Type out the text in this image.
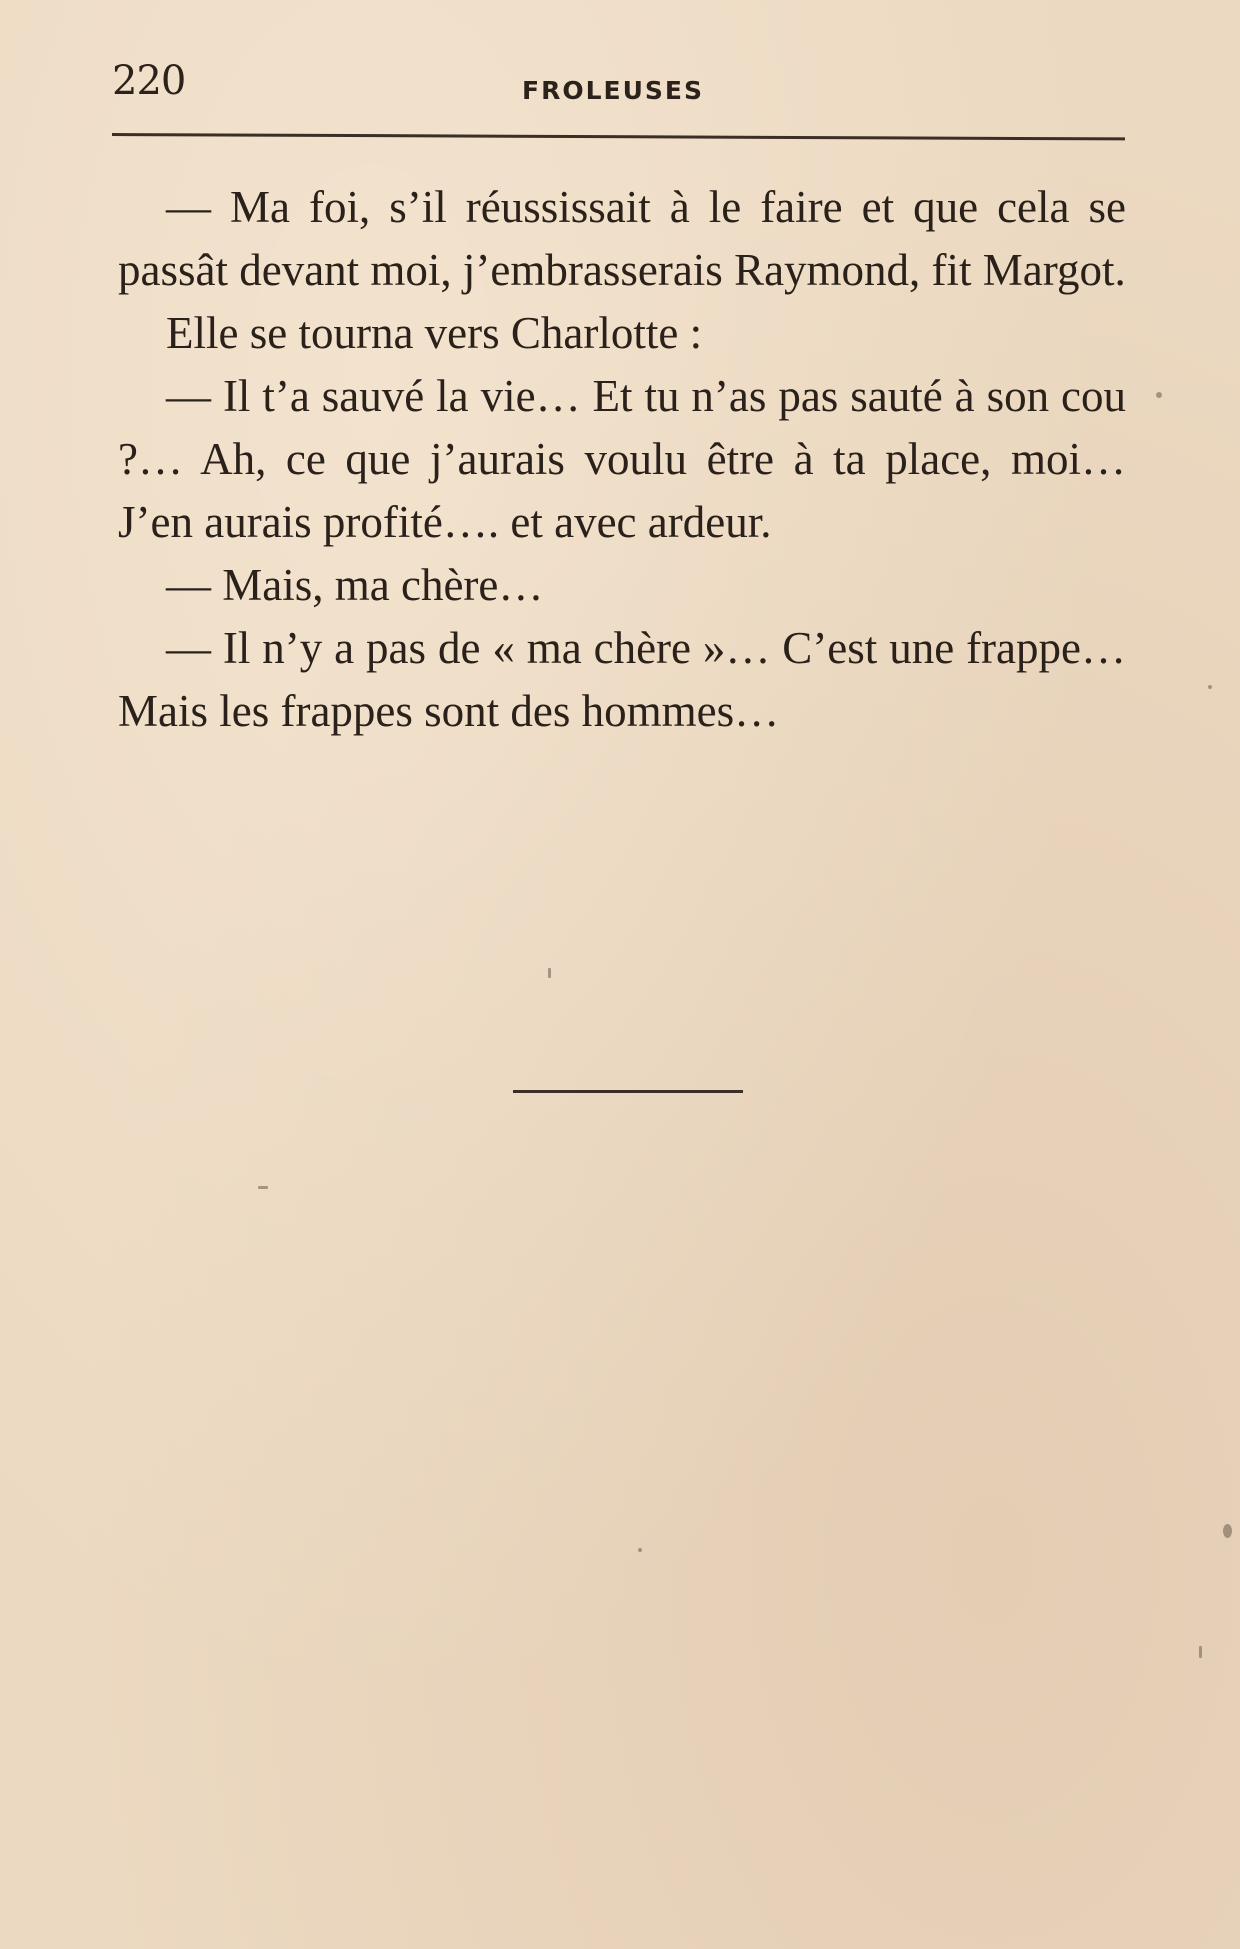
220	FROLEUSES

— Ma foi, s’il réussissait à le faire et que cela se passât devant moi, j’embrasserais Raymond, fit Margot.

Elle se tourna vers Charlotte :

— Il t’a sauvé la vie… Et tu n’as pas sauté à son cou ?… Ah, ce que j’aurais voulu être à ta place, moi… J’en aurais profité…. et avec ardeur.

— Mais, ma chère…

— Il n’y a pas de « ma chère »… C’est une frappe… Mais les frappes sont des hommes…
